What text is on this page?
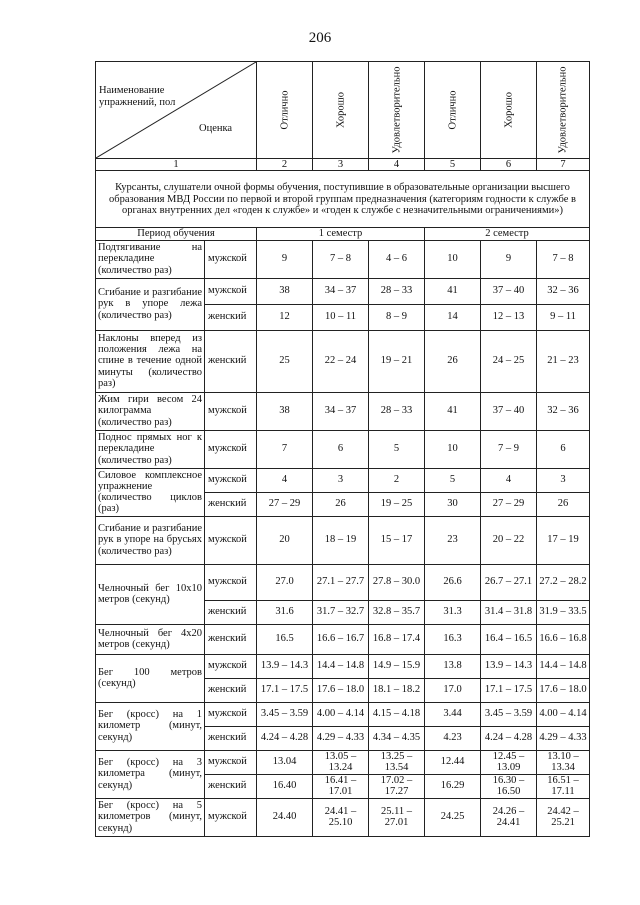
206
Наименование упражнений, пол
Оценка		Отлично	Хорошо	Удовлетворительно	Отлично	Хорошо	Удовлетворительно

1		2	3	4	5	6	7
Курсанты, слушатели очной формы обучения, поступившие в образовательные организации высшего образования МВД России по первой и второй группам предназначения (категориям годности к службе в органах внутренних дел «годен к службе» и «годен к службе с незначительными ограничениями»)							
Период обучения		1 семестр			2 семестр		
Подтягивание на перекладине (количество раз)	мужской	9	7 – 8	4 – 6	10	9	7 – 8
Сгибание и разгибание рук в упоре лежа (количество раз)	мужской	38	34 – 37	28 – 33	41	37 – 40	32 – 36
	женский	12	10 – 11	8 – 9	14	12 – 13	9 – 11
Наклоны вперед из положения лежа на спине в течение одной минуты (количество раз)	женский	25	22 – 24	19 – 21	26	24 – 25	21 – 23
Жим гири весом 24 килограмма (количество раз)	мужской	38	34 – 37	28 – 33	41	37 – 40	32 – 36
Поднос прямых ног к перекладине (количество раз)	мужской	7	6	5	10	7 – 9	6
Силовое комплексное упражнение (количество циклов (раз)	мужской	4	3	2	5	4	3
	женский	27 – 29	26	19 – 25	30	27 – 29	26
Сгибание и разгибание рук в упоре на брусьях (количество раз)	мужской	20	18 – 19	15 – 17	23	20 – 22	17 – 19
Челночный бег 10х10 метров (секунд)	мужской	27.0	27.1 – 27.7	27.8 – 30.0	26.6	26.7 – 27.1	27.2 – 28.2
	женский	31.6	31.7 – 32.7	32.8 – 35.7	31.3	31.4 – 31.8	31.9 – 33.5
Челночный бег 4х20 метров (секунд)	женский	16.5	16.6 – 16.7	16.8 – 17.4	16.3	16.4 – 16.5	16.6 – 16.8
Бег 100 метров (секунд)	мужской	13.9 – 14.3	14.4 – 14.8	14.9 – 15.9	13.8	13.9 – 14.3	14.4 – 14.8
	женский	17.1 – 17.5	17.6 – 18.0	18.1 – 18.2	17.0	17.1 – 17.5	17.6 – 18.0
Бег (кросс) на 1 километр (минут, секунд)	мужской	3.45 – 3.59	4.00 – 4.14	4.15 – 4.18	3.44	3.45 – 3.59	4.00 – 4.14
	женский	4.24 – 4.28	4.29 – 4.33	4.34 – 4.35	4.23	4.24 – 4.28	4.29 – 4.33
Бег (кросс) на 3 километра (минут, секунд)	мужской	13.04	13.05 – 13.24	13.25 – 13.54	12.44	12.45 – 13.09	13.10 – 13.34
	женский	16.40	16.41 – 17.01	17.02 – 17.27	16.29	16.30 – 16.50	16.51 – 17.11
Бег (кросс) на 5 километров (минут, секунд)	мужской	24.40	24.41 – 25.10	25.11 – 27.01	24.25	24.26 – 24.41	24.42 – 25.21
